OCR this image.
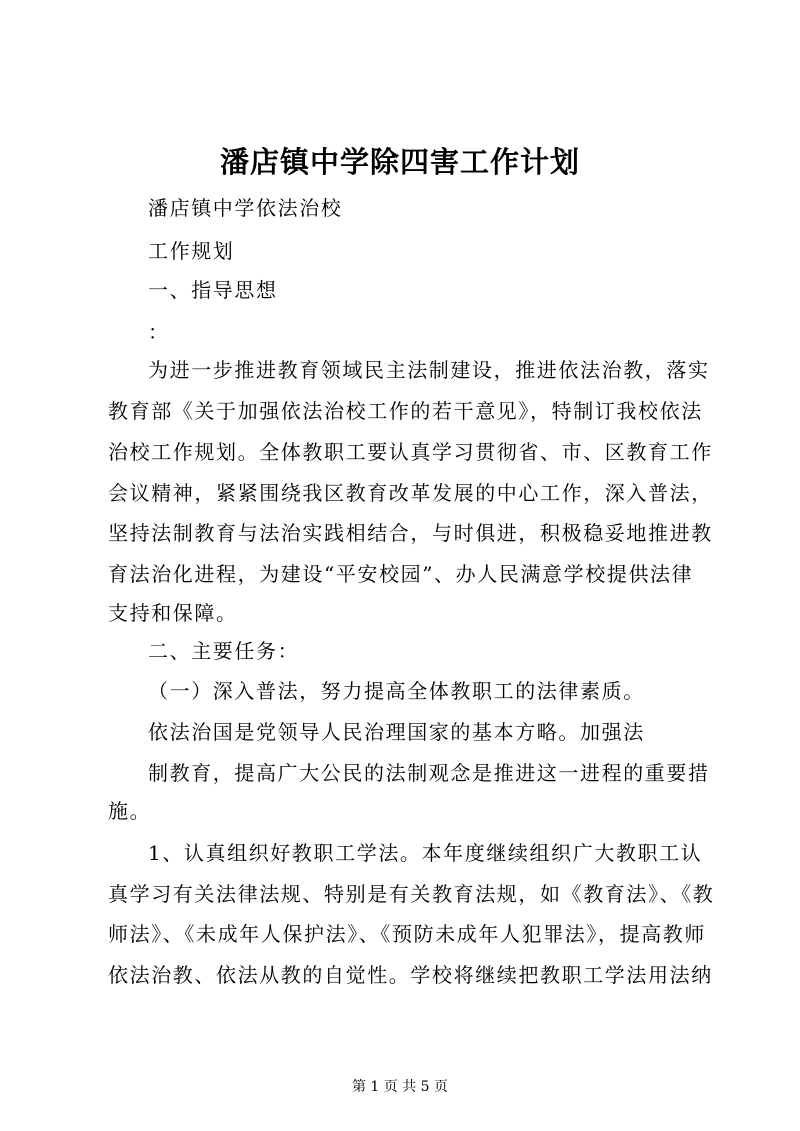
潘店镇中学除四害工作计划
潘店镇中学依法治校
工作规划
一、指导思想
：
为进一步推进教育领域民主法制建设，推进依法治教，落实
教育部《关于加强依法治校工作的若干意见》，特制订我校依法
治校工作规划。全体教职工要认真学习贯彻省、市、区教育工作
会议精神，紧紧围绕我区教育改革发展的中心工作，深入普法，
坚持法制教育与法治实践相结合，与时俱进，积极稳妥地推进教
育法治化进程，为建设“平安校园”、办人民满意学校提供法律
支持和保障。
二、主要任务：
（一）深入普法，努力提高全体教职工的法律素质。
依法治国是党领导人民治理国家的基本方略。加强法
制教育，提高广大公民的法制观念是推进这一进程的重要措
施。
1、认真组织好教职工学法。本年度继续组织广大教职工认
真学习有关法律法规、特别是有关教育法规，如《教育法》、《教
师法》、《未成年人保护法》、《预防未成年人犯罪法》，提高教师
依法治教、依法从教的自觉性。学校将继续把教职工学法用法纳
第 1 页 共 5 页
